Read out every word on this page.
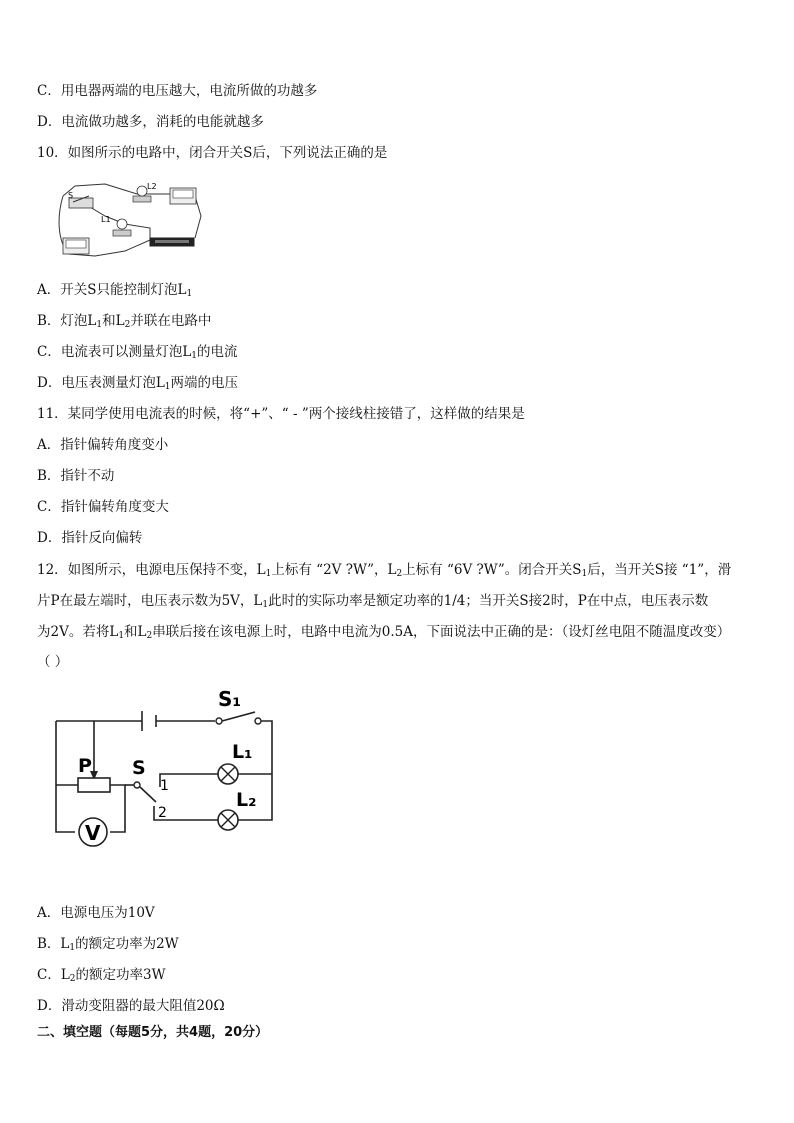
C．用电器两端的电压越大，电流所做的功越多
D．电流做功越多，消耗的电能就越多
10．如图所示的电路中，闭合开关S后，下列说法正确的是
S
L2
L1
A．开关S只能控制灯泡$L_1$
B．灯泡$L_1$和$L_2$并联在电路中
C．电流表可以测量灯泡$L_1$的电流
D．电压表测量灯泡$L_1$两端的电压
11．某同学使用电流表的时候，将“+”、“ - ”两个接线柱接错了，这样做的结果是
A．指针偏转角度变小
B．指针不动
C．指针偏转角度变大
D．指针反向偏转
12．如图所示，电源电压保持不变，$L_1$上标有 “2V ?W”，$L_2$上标有 “6V ?W”。闭合开关$S_1$后，当开关S接 “1”，滑
片P在最左端时，电压表示数为5V，$L_1$此时的实际功率是额定功率的1/4；当开关S接2时，P在中点，电压表示数
为2V。若将$L_1$和$L_2$串联后接在该电源上时，电路中电流为0.5A，下面说法中正确的是：（设灯丝电阻不随温度改变）
（ ）
S₁
L₁
L₂
P S
1
2
V
A．电源电压为10V
B．$L_1$的额定功率为2W
C．$L_2$的额定功率3W
D．滑动变阻器的最大阻值20Ω
二、填空题（每题5分，共4题，20分）
